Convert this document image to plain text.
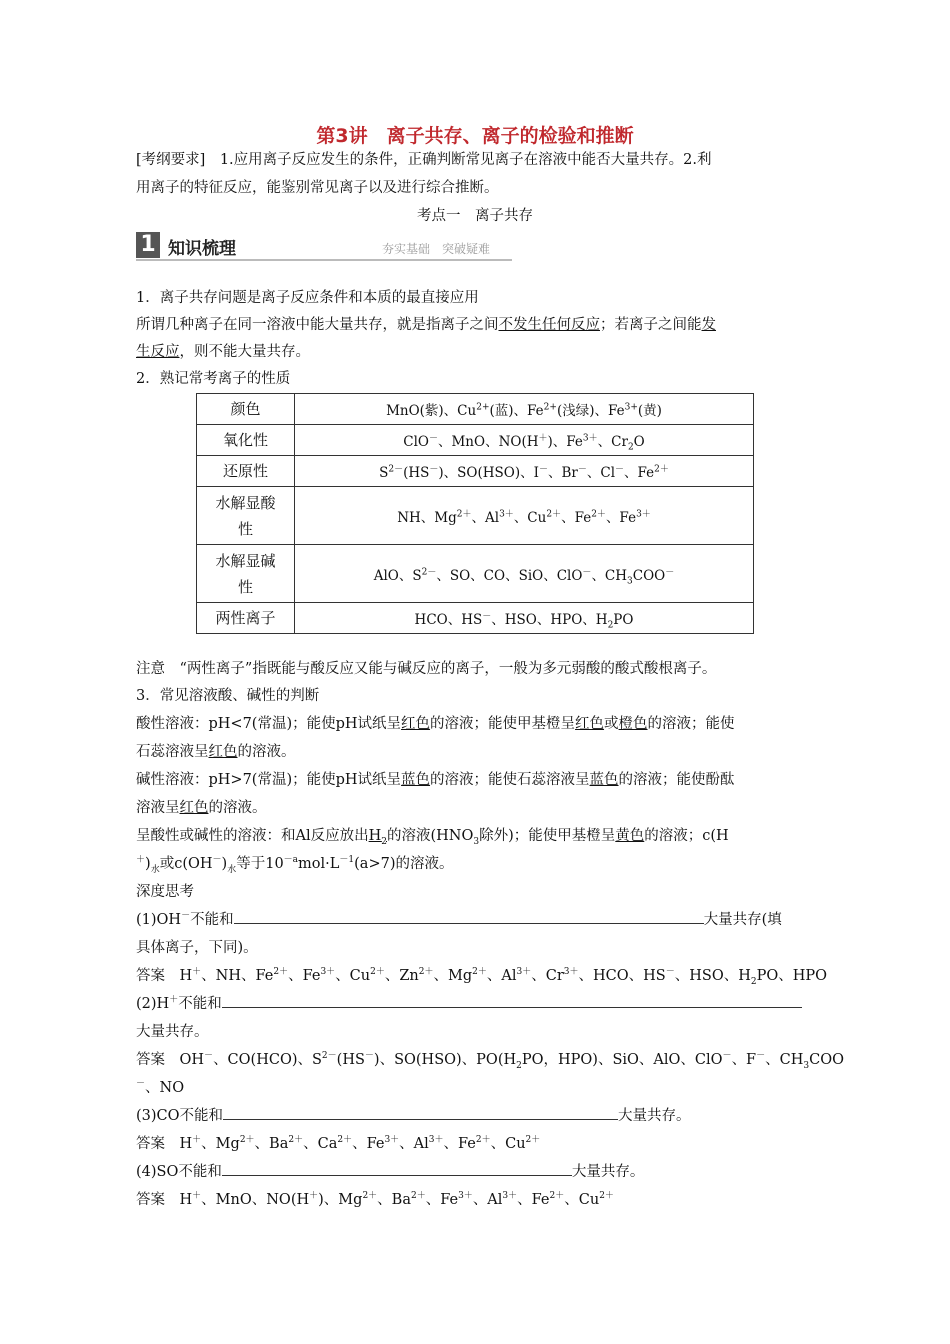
第3讲　离子共存、离子的检验和推断
[考纲要求]　1.应用离子反应发生的条件，正确判断常见离子在溶液中能否大量共存。2.利
用离子的特征反应，能鉴别常见离子以及进行综合推断。
考点一　离子共存
1 知识梳理	夯实基础　突破疑难
1．离子共存问题是离子反应条件和本质的最直接应用
所谓几种离子在同一溶液中能大量共存，就是指离子之间不发生任何反应；若离子之间能发
生反应，则不能大量共存。
2．熟记常考离子的性质
颜色	MnO(紫)、$Cu^{2+}$(蓝)、$Fe^{2+}$(浅绿)、$Fe^{3+}$(黄)
氧化性	ClO－、MnO、NO(H＋)、$Fe^{3+}$、$Cr_2O$
还原性	$S^{2-}(HS^-)$、SO(HSO)、I－、Br－、Cl－、$Fe^{2+}$
水解显酸
性	NH、$Mg^{2+}$、$Al^{3+}$、$Cu^{2+}$、$Fe^{2+}$、$Fe^{3+}$
水解显碱
性	AlO、$S^{2-}$、SO、CO、SiO、ClO－、$CH_3COO^-$
两性离子	HCO、HS－、HSO、HPO、$H_2PO$
注意　“两性离子”指既能与酸反应又能与碱反应的离子，一般为多元弱酸的酸式酸根离子。
3．常见溶液酸、碱性的判断
酸性溶液：pH<7(常温)；能使pH试纸呈红色的溶液；能使甲基橙呈红色或橙色的溶液；能使
石蕊溶液呈红色的溶液。
碱性溶液：pH>7(常温)；能使pH试纸呈蓝色的溶液；能使石蕊溶液呈蓝色的溶液；能使酚酞
溶液呈红色的溶液。
呈酸性或碱性的溶液：和Al反应放出$H_2$的溶液($HNO_3$除外)；能使甲基橙呈黄色的溶液；c(H
$^+)_水$或$c(OH^-)_水$等于$10^{-a}mol\cdot L^{-1}(a>7)$的溶液。
深度思考
(1)OH－不能和	大量共存(填
具体离子，下同)。
答案　H＋、NH、$Fe^{2+}$、$Fe^{3+}$、$Cu^{2+}$、$Zn^{2+}$、$Mg^{2+}$、$Al^{3+}$、$Cr^{3+}$、HCO、HS－、HSO、$H_2PO$、HPO
(2)H＋不能和
大量共存。
答案　OH－、CO(HCO)、$S^{2-}(HS^-)$、SO(HSO)、$PO(H_2PO$，HPO)、SiO、AlO、ClO－、F－、$CH_3COO$
－、NO
(3)CO不能和	大量共存。
答案　H＋、$Mg^{2+}$、$Ba^{2+}$、$Ca^{2+}$、$Fe^{3+}$、$Al^{3+}$、$Fe^{2+}$、$Cu^{2+}$
(4)SO不能和	大量共存。
答案　H＋、MnO、NO(H＋)、$Mg^{2+}$、$Ba^{2+}$、$Fe^{3+}$、$Al^{3+}$、$Fe^{2+}$、$Cu^{2+}$
